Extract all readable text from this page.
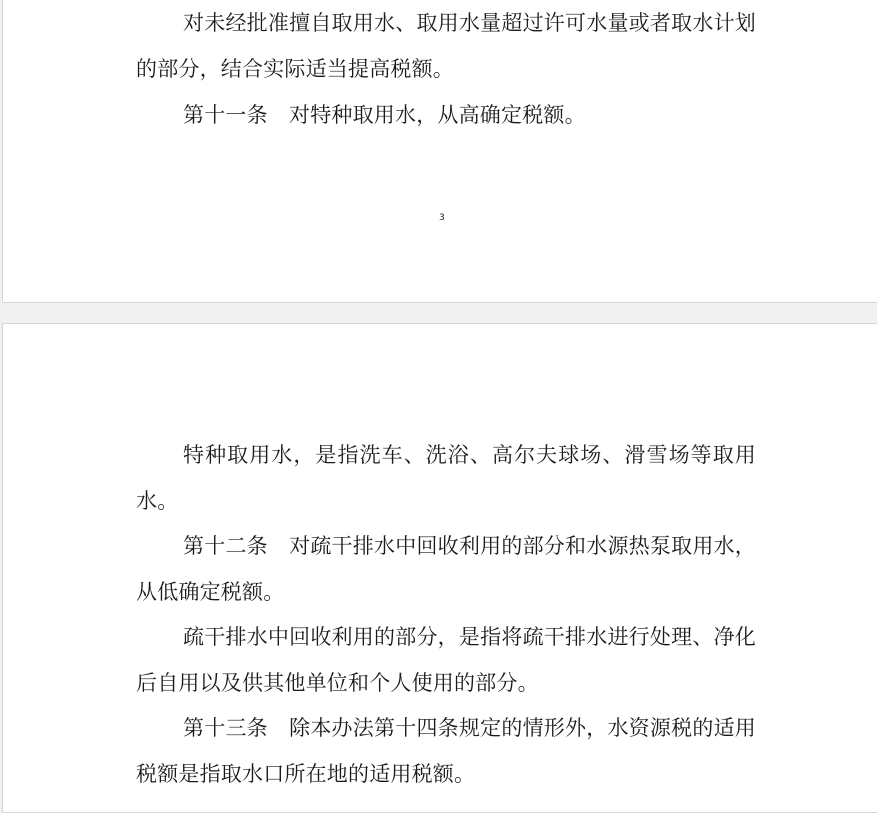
对未经批准擅自取用水、取用水量超过许可水量或者取水计划的部分，结合实际适当提高税额。

第十一条　对特种取用水，从高确定税额。

3

特种取用水，是指洗车、洗浴、高尔夫球场、滑雪场等取用水。

第十二条　对疏干排水中回收利用的部分和水源热泵取用水，从低确定税额。

疏干排水中回收利用的部分，是指将疏干排水进行处理、净化后自用以及供其他单位和个人使用的部分。

第十三条　除本办法第十四条规定的情形外，水资源税的适用税额是指取水口所在地的适用税额。
